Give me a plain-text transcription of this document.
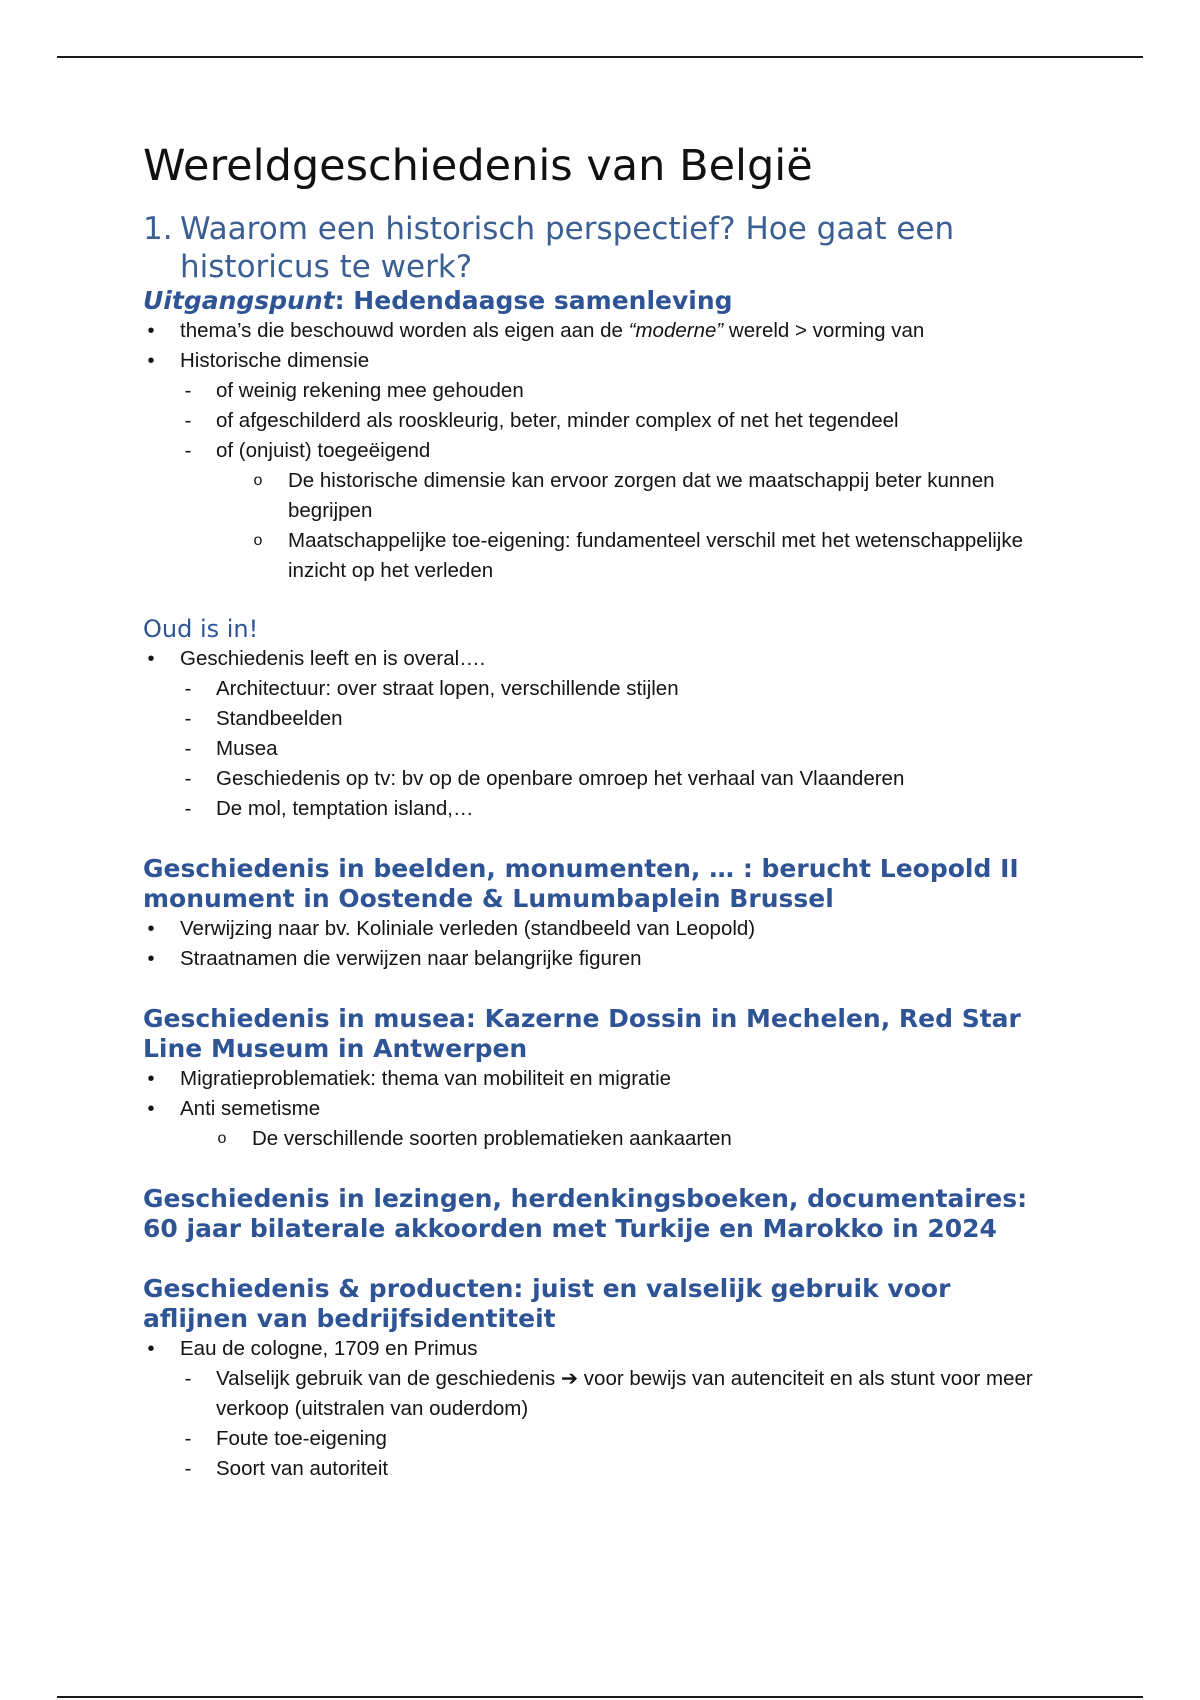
Wereldgeschiedenis van België
1. Waarom een historisch perspectief? Hoe gaat een historicus te werk?
Uitgangspunt: Hedendaagse samenleving
• thema’s die beschouwd worden als eigen aan de “moderne” wereld > vorming van
• Historische dimensie
- of weinig rekening mee gehouden
- of afgeschilderd als rooskleurig, beter, minder complex of net het tegendeel
- of (onjuist) toegeëigend
o De historische dimensie kan ervoor zorgen dat we maatschappij beter kunnen begrijpen
o Maatschappelijke toe-eigening: fundamenteel verschil met het wetenschappelijke inzicht op het verleden
Oud is in!
• Geschiedenis leeft en is overal….
- Architectuur: over straat lopen, verschillende stijlen
- Standbeelden
- Musea
- Geschiedenis op tv: bv op de openbare omroep het verhaal van Vlaanderen
- De mol, temptation island,…
Geschiedenis in beelden, monumenten, … : berucht Leopold II monument in Oostende & Lumumbaplein Brussel
• Verwijzing naar bv. Koliniale verleden (standbeeld van Leopold)
• Straatnamen die verwijzen naar belangrijke figuren
Geschiedenis in musea: Kazerne Dossin in Mechelen, Red Star Line Museum in Antwerpen
• Migratieproblematiek: thema van mobiliteit en migratie
• Anti semetisme
o De verschillende soorten problematieken aankaarten
Geschiedenis in lezingen, herdenkingsboeken, documentaires: 60 jaar bilaterale akkoorden met Turkije en Marokko in 2024
Geschiedenis & producten: juist en valselijk gebruik voor aflijnen van bedrijfsidentiteit
• Eau de cologne, 1709 en Primus
- Valselijk gebruik van de geschiedenis ➔ voor bewijs van autenciteit en als stunt voor meer verkoop (uitstralen van ouderdom)
- Foute toe-eigening
- Soort van autoriteit
